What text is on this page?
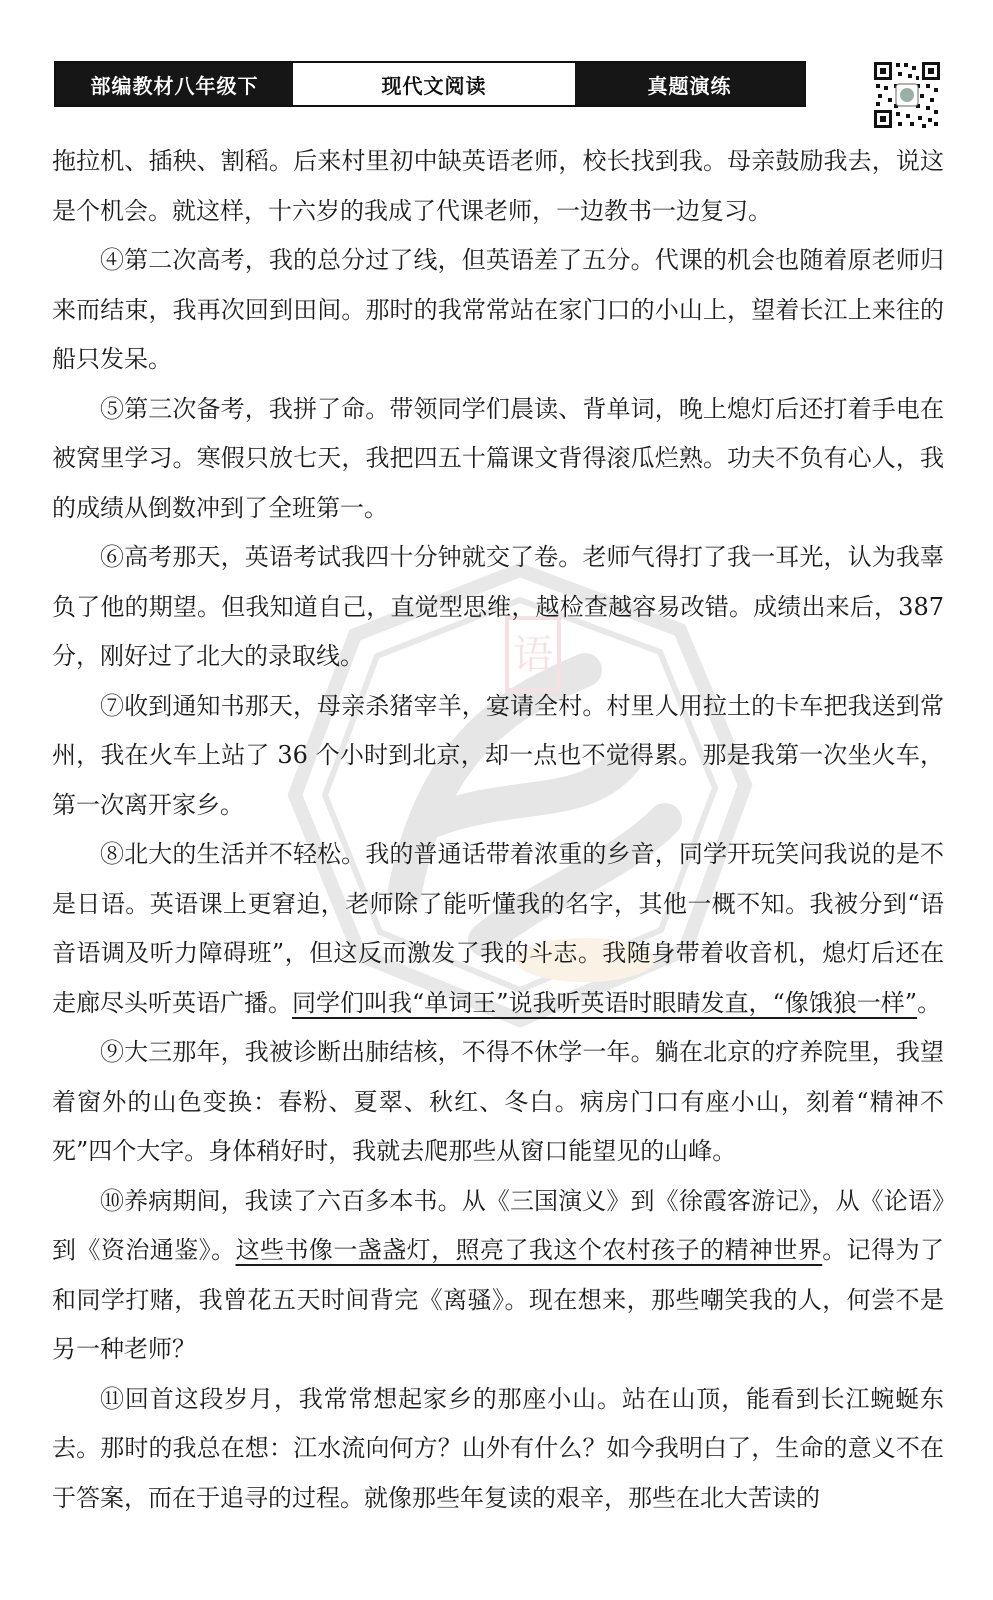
部编教材八年级下	现代文阅读	真题演练
语

拖拉机、插秧、割稻。后来村里初中缺英语老师，校长找到我。母亲鼓励我去，说这是个机会。就这样，十六岁的我成了代课老师，一边教书一边复习。

④第二次高考，我的总分过了线，但英语差了五分。代课的机会也随着原老师归来而结束，我再次回到田间。那时的我常常站在家门口的小山上，望着长江上来往的船只发呆。

⑤第三次备考，我拼了命。带领同学们晨读、背单词，晚上熄灯后还打着手电在被窝里学习。寒假只放七天，我把四五十篇课文背得滚瓜烂熟。功夫不负有心人，我的成绩从倒数冲到了全班第一。

⑥高考那天，英语考试我四十分钟就交了卷。老师气得打了我一耳光，认为我辜负了他的期望。但我知道自己，直觉型思维，越检查越容易改错。成绩出来后，387 分，刚好过了北大的录取线。

⑦收到通知书那天，母亲杀猪宰羊，宴请全村。村里人用拉土的卡车把我送到常州，我在火车上站了 36 个小时到北京，却一点也不觉得累。那是我第一次坐火车，第一次离开家乡。

⑧北大的生活并不轻松。我的普通话带着浓重的乡音，同学开玩笑问我说的是不是日语。英语课上更窘迫，老师除了能听懂我的名字，其他一概不知。我被分到“语音语调及听力障碍班”，但这反而激发了我的斗志。我随身带着收音机，熄灯后还在走廊尽头听英语广播。同学们叫我“单词王”说我听英语时眼睛发直，“像饿狼一样”。

⑨大三那年，我被诊断出肺结核，不得不休学一年。躺在北京的疗养院里，我望着窗外的山色变换：春粉、夏翠、秋红、冬白。病房门口有座小山，刻着“精神不死”四个大字。身体稍好时，我就去爬那些从窗口能望见的山峰。

⑩养病期间，我读了六百多本书。从《三国演义》到《徐霞客游记》，从《论语》到《资治通鉴》。这些书像一盏盏灯，照亮了我这个农村孩子的精神世界。记得为了和同学打赌，我曾花五天时间背完《离骚》。现在想来，那些嘲笑我的人，何尝不是另一种老师？

⑪回首这段岁月，我常常想起家乡的那座小山。站在山顶，能看到长江蜿蜒东去。那时的我总在想：江水流向何方？山外有什么？如今我明白了，生命的意义不在于答案，而在于追寻的过程。就像那些年复读的艰辛，那些在北大苦读的
